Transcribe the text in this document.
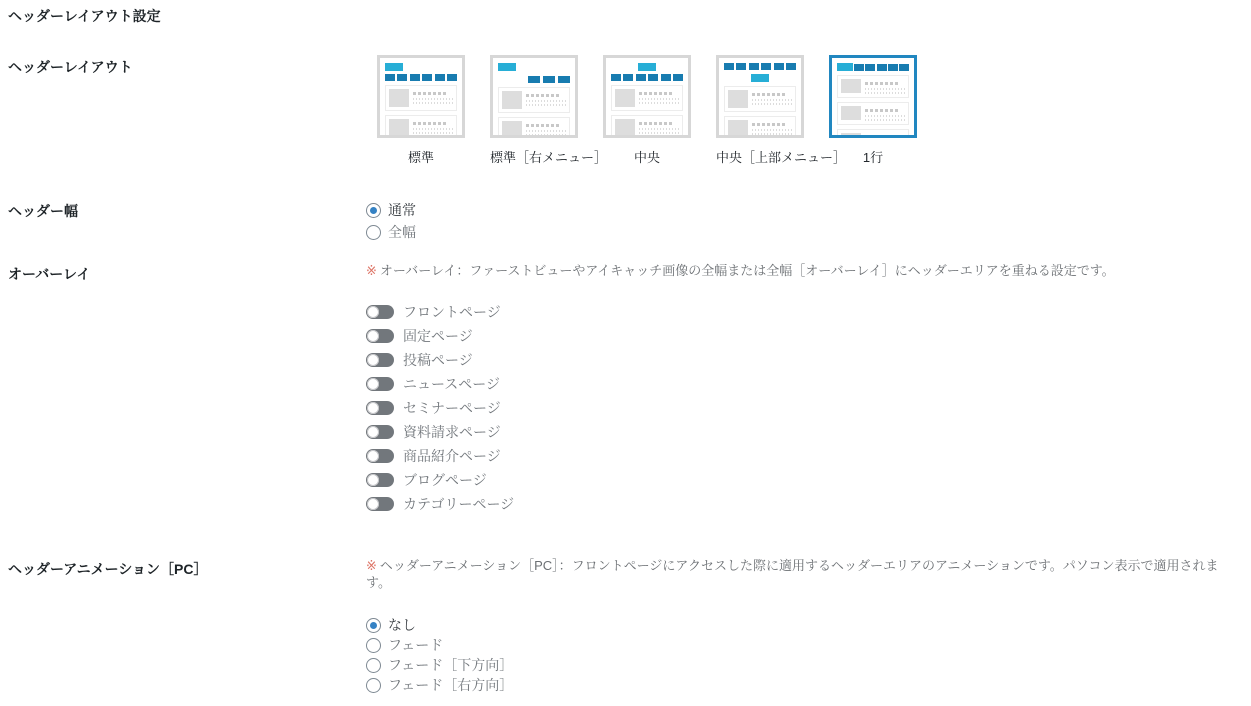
ヘッダーレイアウト設定
ヘッダーレイアウト
標準	標準［右メニュー］	中央	中央［上部メニュー］	1行
ヘッダー幅	通常
全幅
オーバーレイ	※ オーバーレイ：ファーストビューやアイキャッチ画像の全幅または全幅［オーバーレイ］にヘッダーエリアを重ねる設定です。
フロントページ
固定ページ
投稿ページ
ニュースページ
セミナーページ
資料請求ページ
商品紹介ページ
ブログページ
カテゴリーページ
ヘッダーアニメーション［PC］	※ ヘッダーアニメーション［PC］：フロントページにアクセスした際に適用するヘッダーエリアのアニメーションです。パソコン表示で適用されます。
なし
フェード
フェード［下方向］
フェード［右方向］
